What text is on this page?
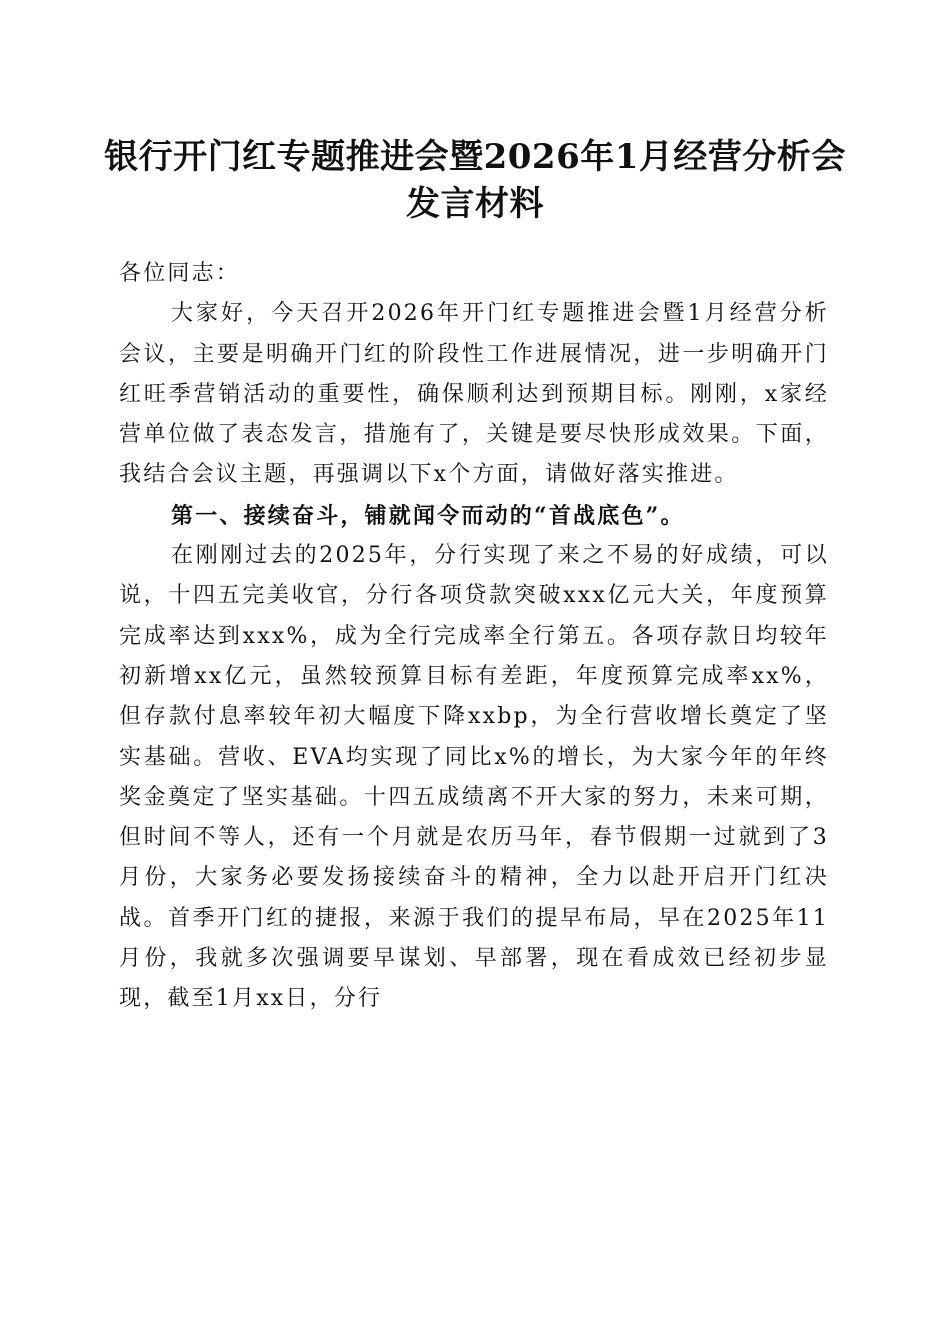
银行开门红专题推进会暨2026年1月经营分析会发言材料

各位同志：

大家好，今天召开2026年开门红专题推进会暨1月经营分析会议，主要是明确开门红的阶段性工作进展情况，进一步明确开门红旺季营销活动的重要性，确保顺利达到预期目标。刚刚，x家经营单位做了表态发言，措施有了，关键是要尽快形成效果。下面，我结合会议主题，再强调以下x个方面，请做好落实推进。

第一、接续奋斗，铺就闻令而动的“首战底色”。

在刚刚过去的2025年，分行实现了来之不易的好成绩，可以说，十四五完美收官，分行各项贷款突破xxx亿元大关，年度预算完成率达到xxx%，成为全行完成率全行第五。各项存款日均较年初新增xx亿元，虽然较预算目标有差距，年度预算完成率xx%，但存款付息率较年初大幅度下降xxbp，为全行营收增长奠定了坚实基础。营收、EVA均实现了同比x%的增长，为大家今年的年终奖金奠定了坚实基础。十四五成绩离不开大家的努力，未来可期，但时间不等人，还有一个月就是农历马年，春节假期一过就到了3月份，大家务必要发扬接续奋斗的精神，全力以赴开启开门红决战。首季开门红的捷报，来源于我们的提早布局，早在2025年11月份，我就多次强调要早谋划、早部署，现在看成效已经初步显现，截至1月xx日，分行
